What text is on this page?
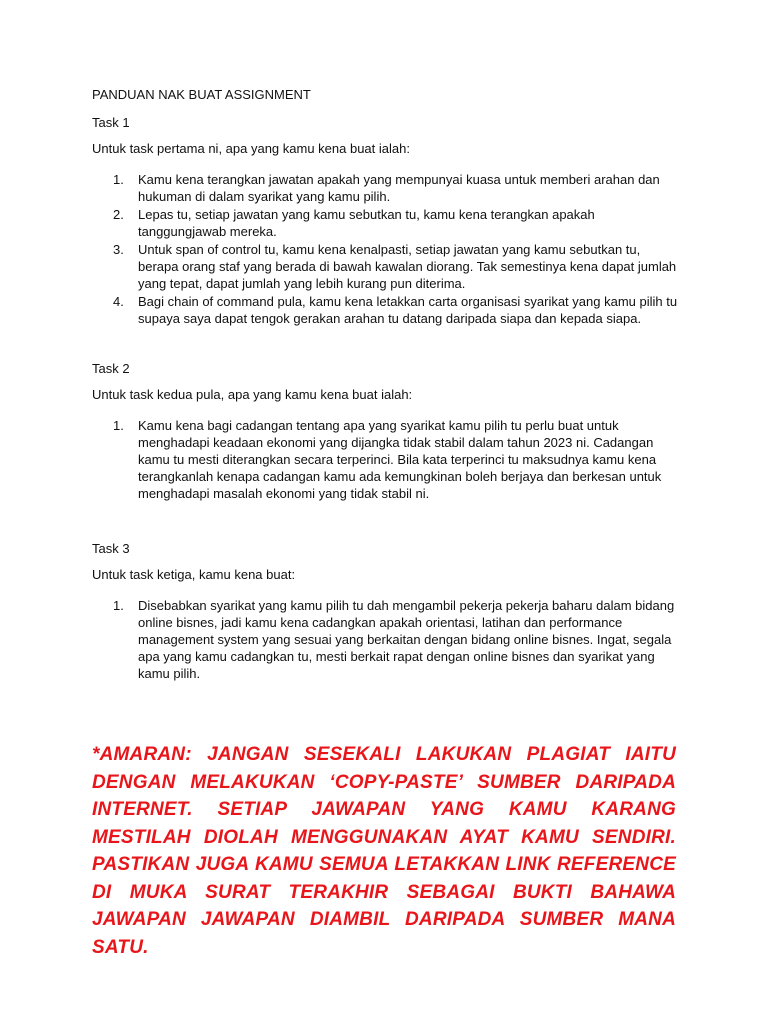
PANDUAN NAK BUAT ASSIGNMENT

Task 1

Untuk task pertama ni, apa yang kamu kena buat ialah:

1. Kamu kena terangkan jawatan apakah yang mempunyai kuasa untuk memberi arahan dan hukuman di dalam syarikat yang kamu pilih.
2. Lepas tu, setiap jawatan yang kamu sebutkan tu, kamu kena terangkan apakah tanggungjawab mereka.
3. Untuk span of control tu, kamu kena kenalpasti, setiap jawatan yang kamu sebutkan tu, berapa orang staf yang berada di bawah kawalan diorang. Tak semestinya kena dapat jumlah yang tepat, dapat jumlah yang lebih kurang pun diterima.
4. Bagi chain of command pula, kamu kena letakkan carta organisasi syarikat yang kamu pilih tu supaya saya dapat tengok gerakan arahan tu datang daripada siapa dan kepada siapa.

Task 2

Untuk task kedua pula, apa yang kamu kena buat ialah:

1. Kamu kena bagi cadangan tentang apa yang syarikat kamu pilih tu perlu buat untuk menghadapi keadaan ekonomi yang dijangka tidak stabil dalam tahun 2023 ni. Cadangan kamu tu mesti diterangkan secara terperinci. Bila kata terperinci tu maksudnya kamu kena terangkanlah kenapa cadangan kamu ada kemungkinan boleh berjaya dan berkesan untuk menghadapi masalah ekonomi yang tidak stabil ni.

Task 3

Untuk task ketiga, kamu kena buat:

1. Disebabkan syarikat yang kamu pilih tu dah mengambil pekerja pekerja baharu dalam bidang online bisnes, jadi kamu kena cadangkan apakah orientasi, latihan dan performance management system yang sesuai yang berkaitan dengan bidang online bisnes. Ingat, segala apa yang kamu cadangkan tu, mesti berkait rapat dengan online bisnes dan syarikat yang kamu pilih.

*AMARAN: JANGAN SESEKALI LAKUKAN PLAGIAT IAITU DENGAN MELAKUKAN ‘COPY-PASTE’ SUMBER DARIPADA INTERNET. SETIAP JAWAPAN YANG KAMU KARANG MESTILAH DIOLAH MENGGUNAKAN AYAT KAMU SENDIRI. PASTIKAN JUGA KAMU SEMUA LETAKKAN LINK REFERENCE DI MUKA SURAT TERAKHIR SEBAGAI BUKTI BAHAWA JAWAPAN JAWAPAN DIAMBIL DARIPADA SUMBER MANA SATU.
